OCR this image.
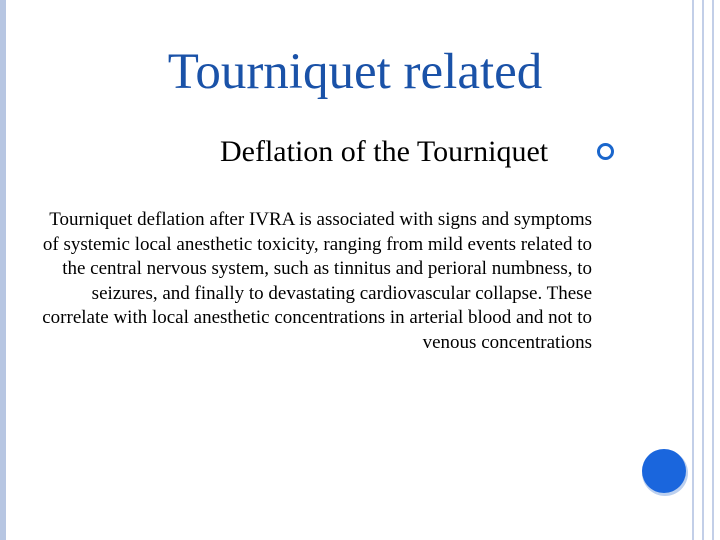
Tourniquet related
Deflation of the Tourniquet

Tourniquet deflation after IVRA is associated with signs and symptoms of systemic local anesthetic toxicity, ranging from mild events related to the central nervous system, such as tinnitus and perioral numbness, to seizures, and finally to devastating cardiovascular collapse. These correlate with local anesthetic concentrations in arterial blood and not to venous concentrations
